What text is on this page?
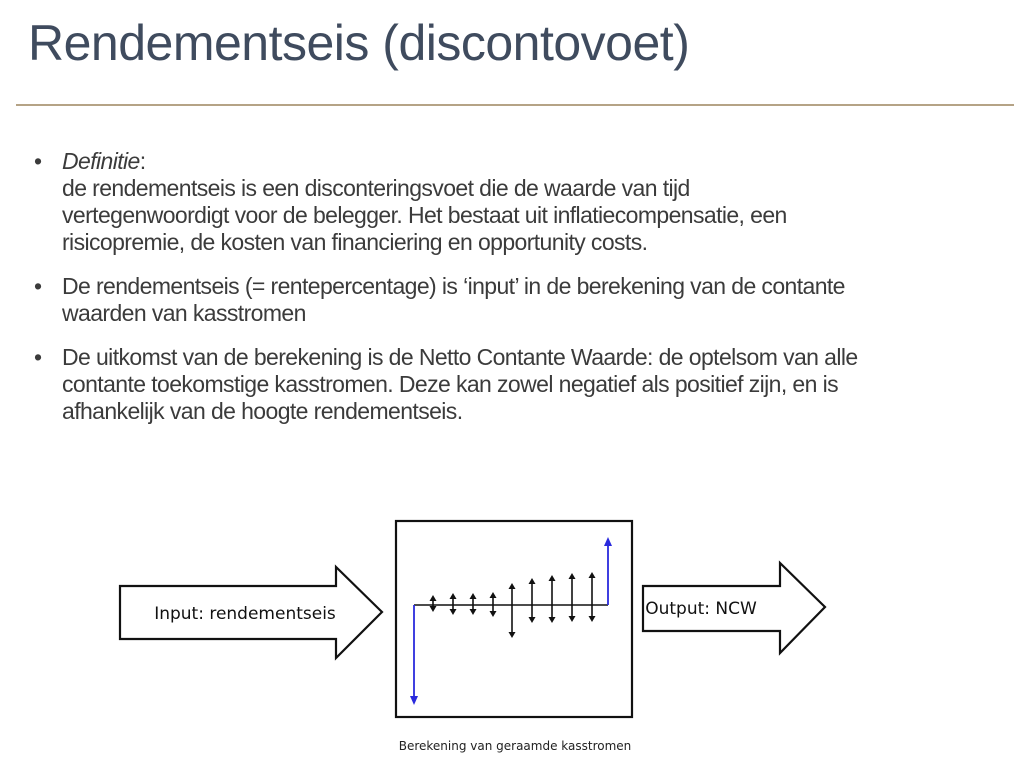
Rendementseis (discontovoet)
• Definitie:
de rendementseis is een disconteringsvoet die de waarde van tijd
vertegenwoordigt voor de belegger. Het bestaat uit inflatiecompensatie, een
risicopremie, de kosten van financiering en opportunity costs.
• De rendementseis (= rentepercentage) is ‘input’ in de berekening van de contante
waarden van kasstromen
• De uitkomst van de berekening is de Netto Contante Waarde: de optelsom van alle
contante toekomstige kasstromen. Deze kan zowel negatief als positief zijn, en is
afhankelijk van de hoogte rendementseis.
Input: rendementseis	Output: NCW
Berekening van geraamde kasstromen
